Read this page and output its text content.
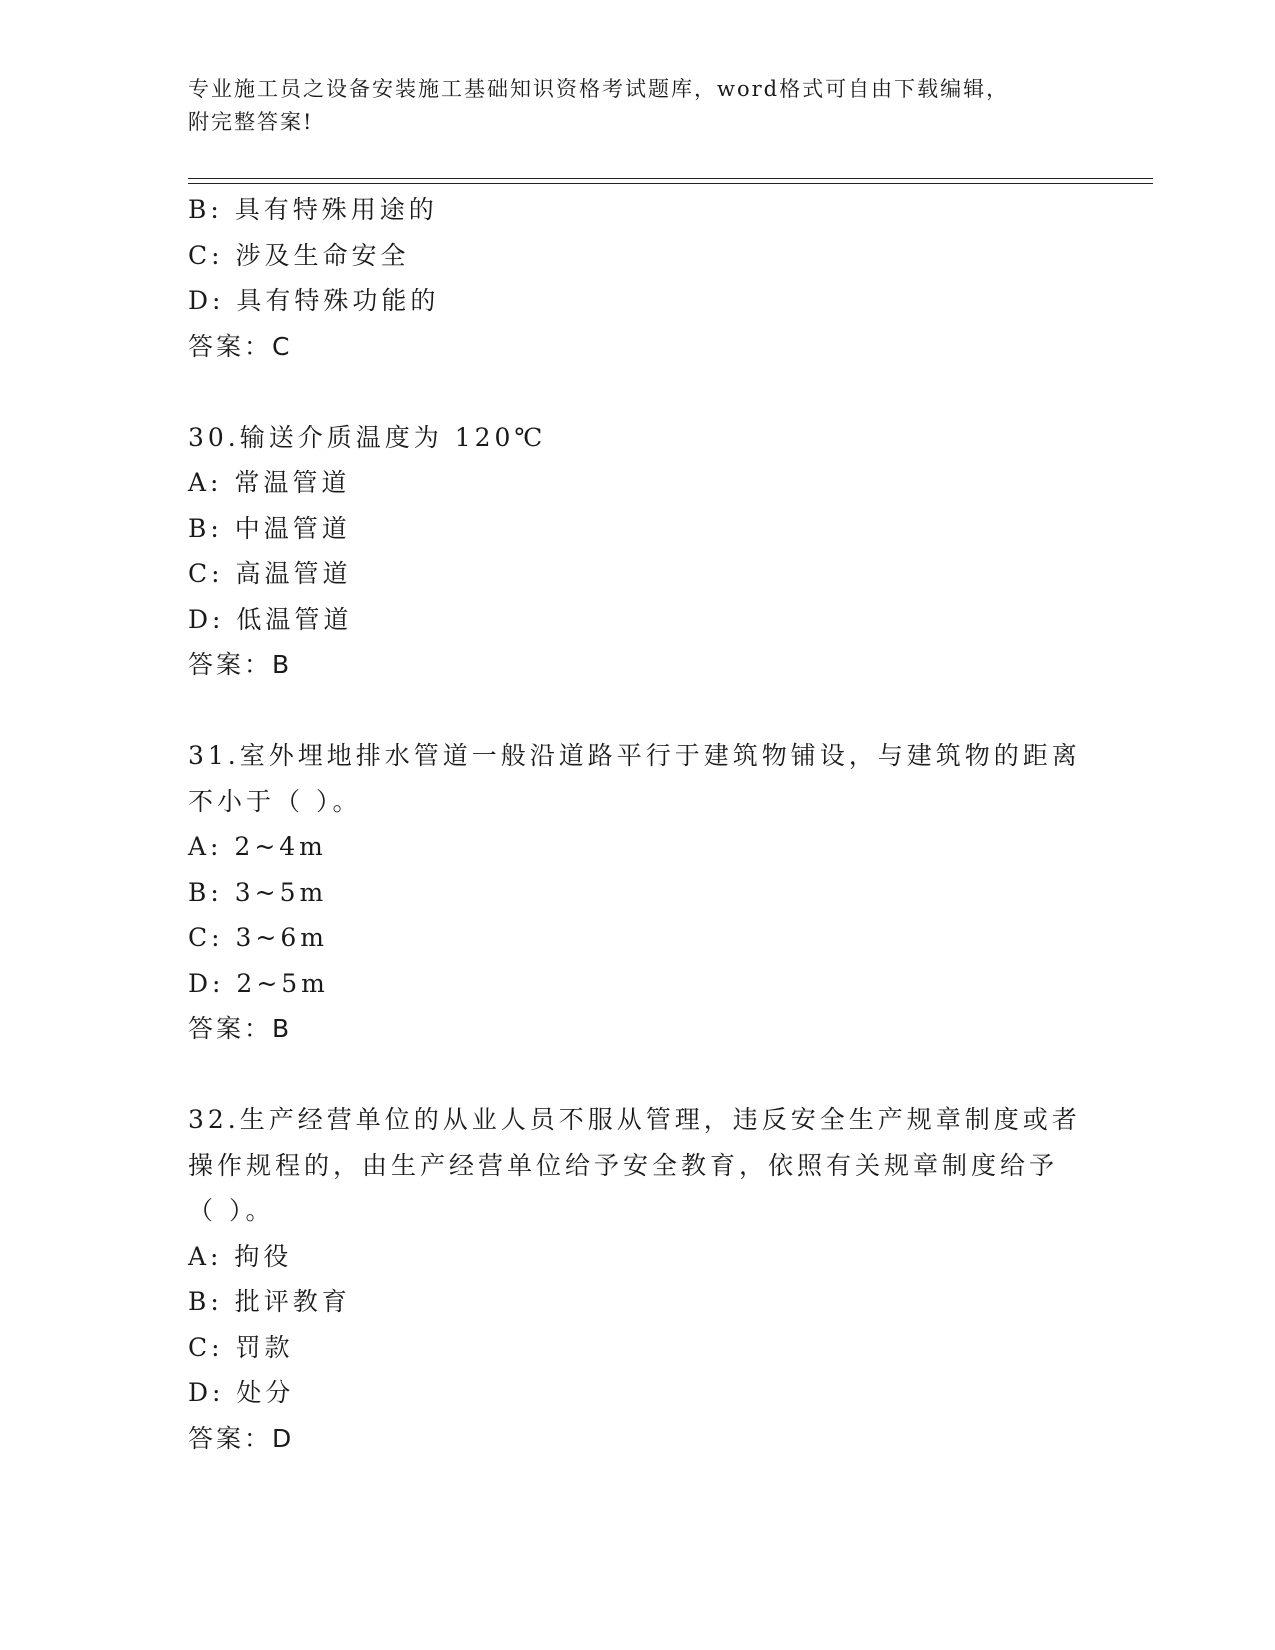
专业施工员之设备安装施工基础知识资格考试题库，word格式可自由下载编辑，
附完整答案!
B: 具有特殊用途的
C: 涉及生命安全
D: 具有特殊功能的
答案：C
30.输送介质温度为 120℃
A: 常温管道
B: 中温管道
C: 高温管道
D: 低温管道
答案：B
31.室外埋地排水管道一般沿道路平行于建筑物铺设，与建筑物的距离
不小于（ ）。
A: 2~4m
B: 3~5m
C: 3~6m
D: 2~5m
答案：B
32.生产经营单位的从业人员不服从管理，违反安全生产规章制度或者
操作规程的，由生产经营单位给予安全教育，依照有关规章制度给予
（ ）。
A: 拘役
B: 批评教育
C: 罚款
D: 处分
答案：D
